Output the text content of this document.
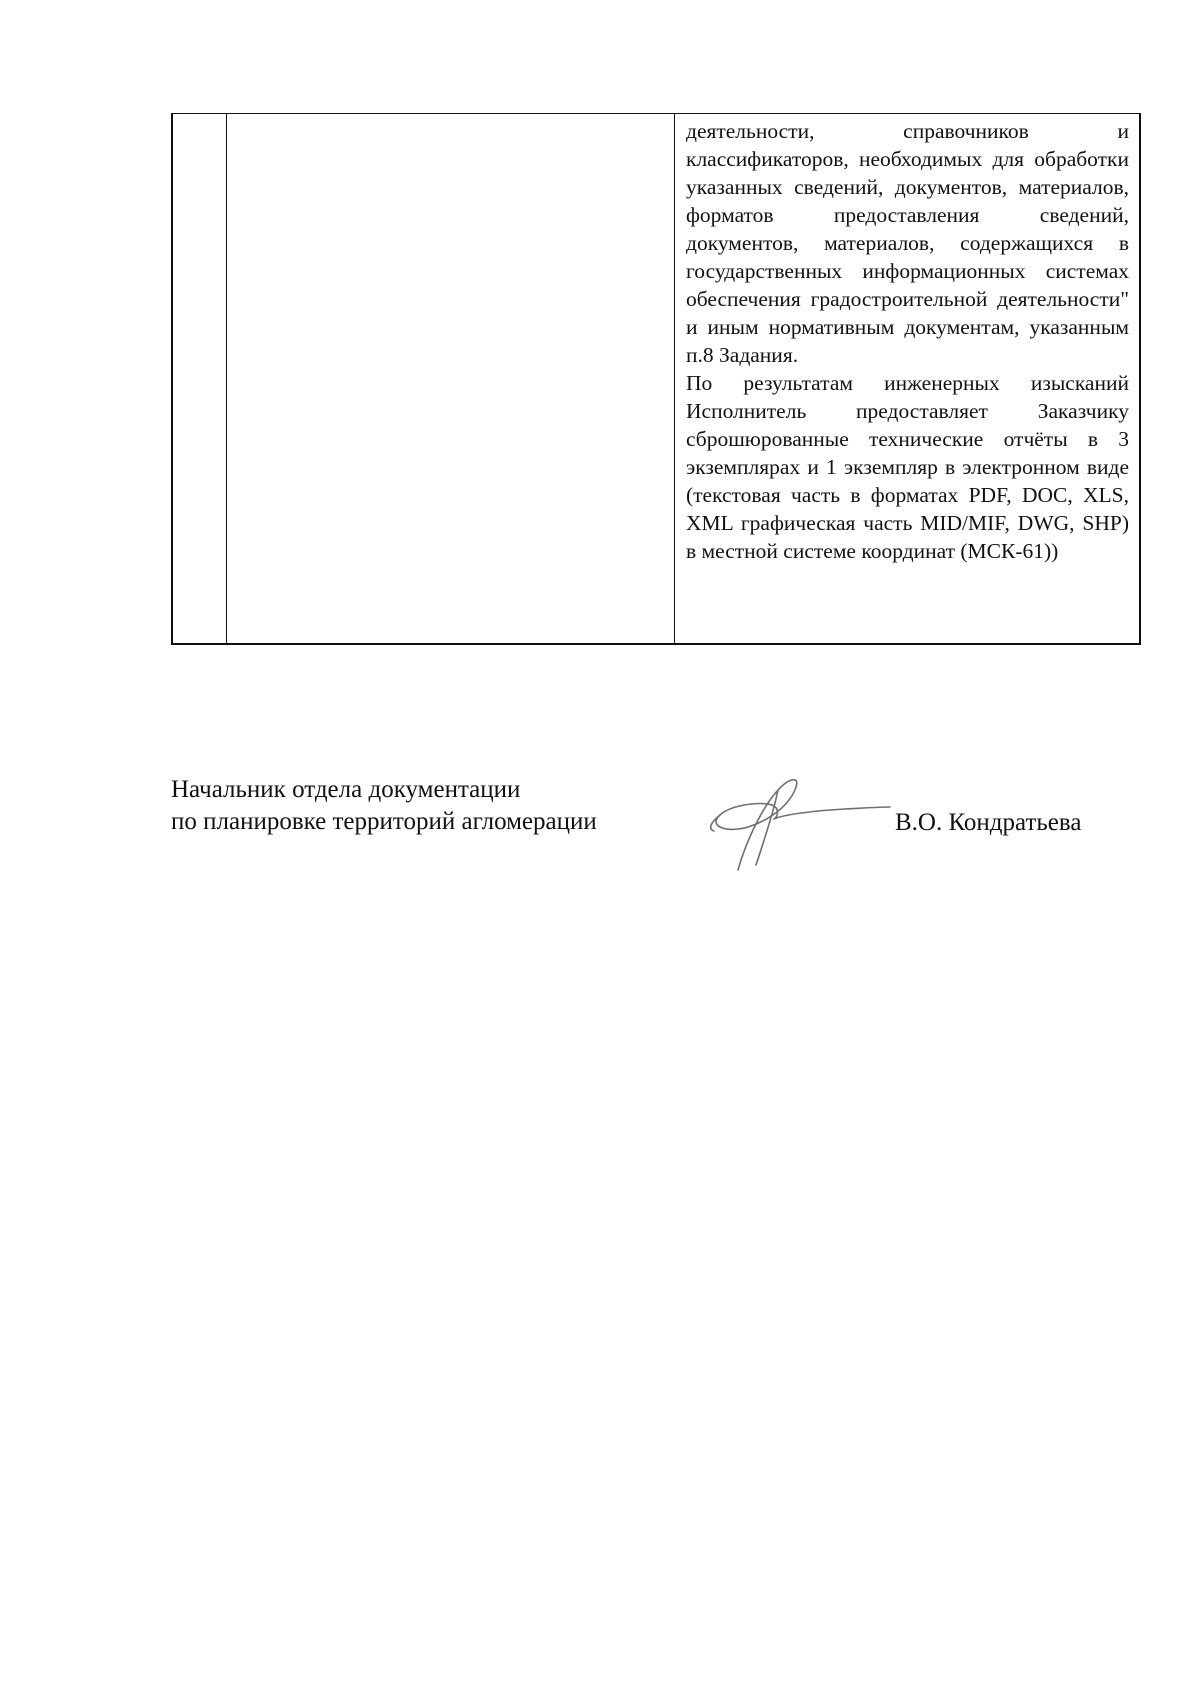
деятельности, справочников и классификаторов, необходимых для обработки указанных сведений, документов, материалов, форматов предоставления сведений, документов, материалов, содержащихся в государственных информационных системах обеспечения градостроительной деятельности" и иным нормативным документам, указанным п.8 Задания.

По результатам инженерных изысканий Исполнитель предоставляет Заказчику сброшюрованные технические отчёты в 3 экземплярах и 1 экземпляр в электронном виде (текстовая часть в форматах PDF, DOC, XLS, XML графическая часть MID/MIF, DWG, SHP) в местной системе координат (МСК-61))

Начальник отдела документации
по планировке территорий агломерации	В.О. Кондратьева
